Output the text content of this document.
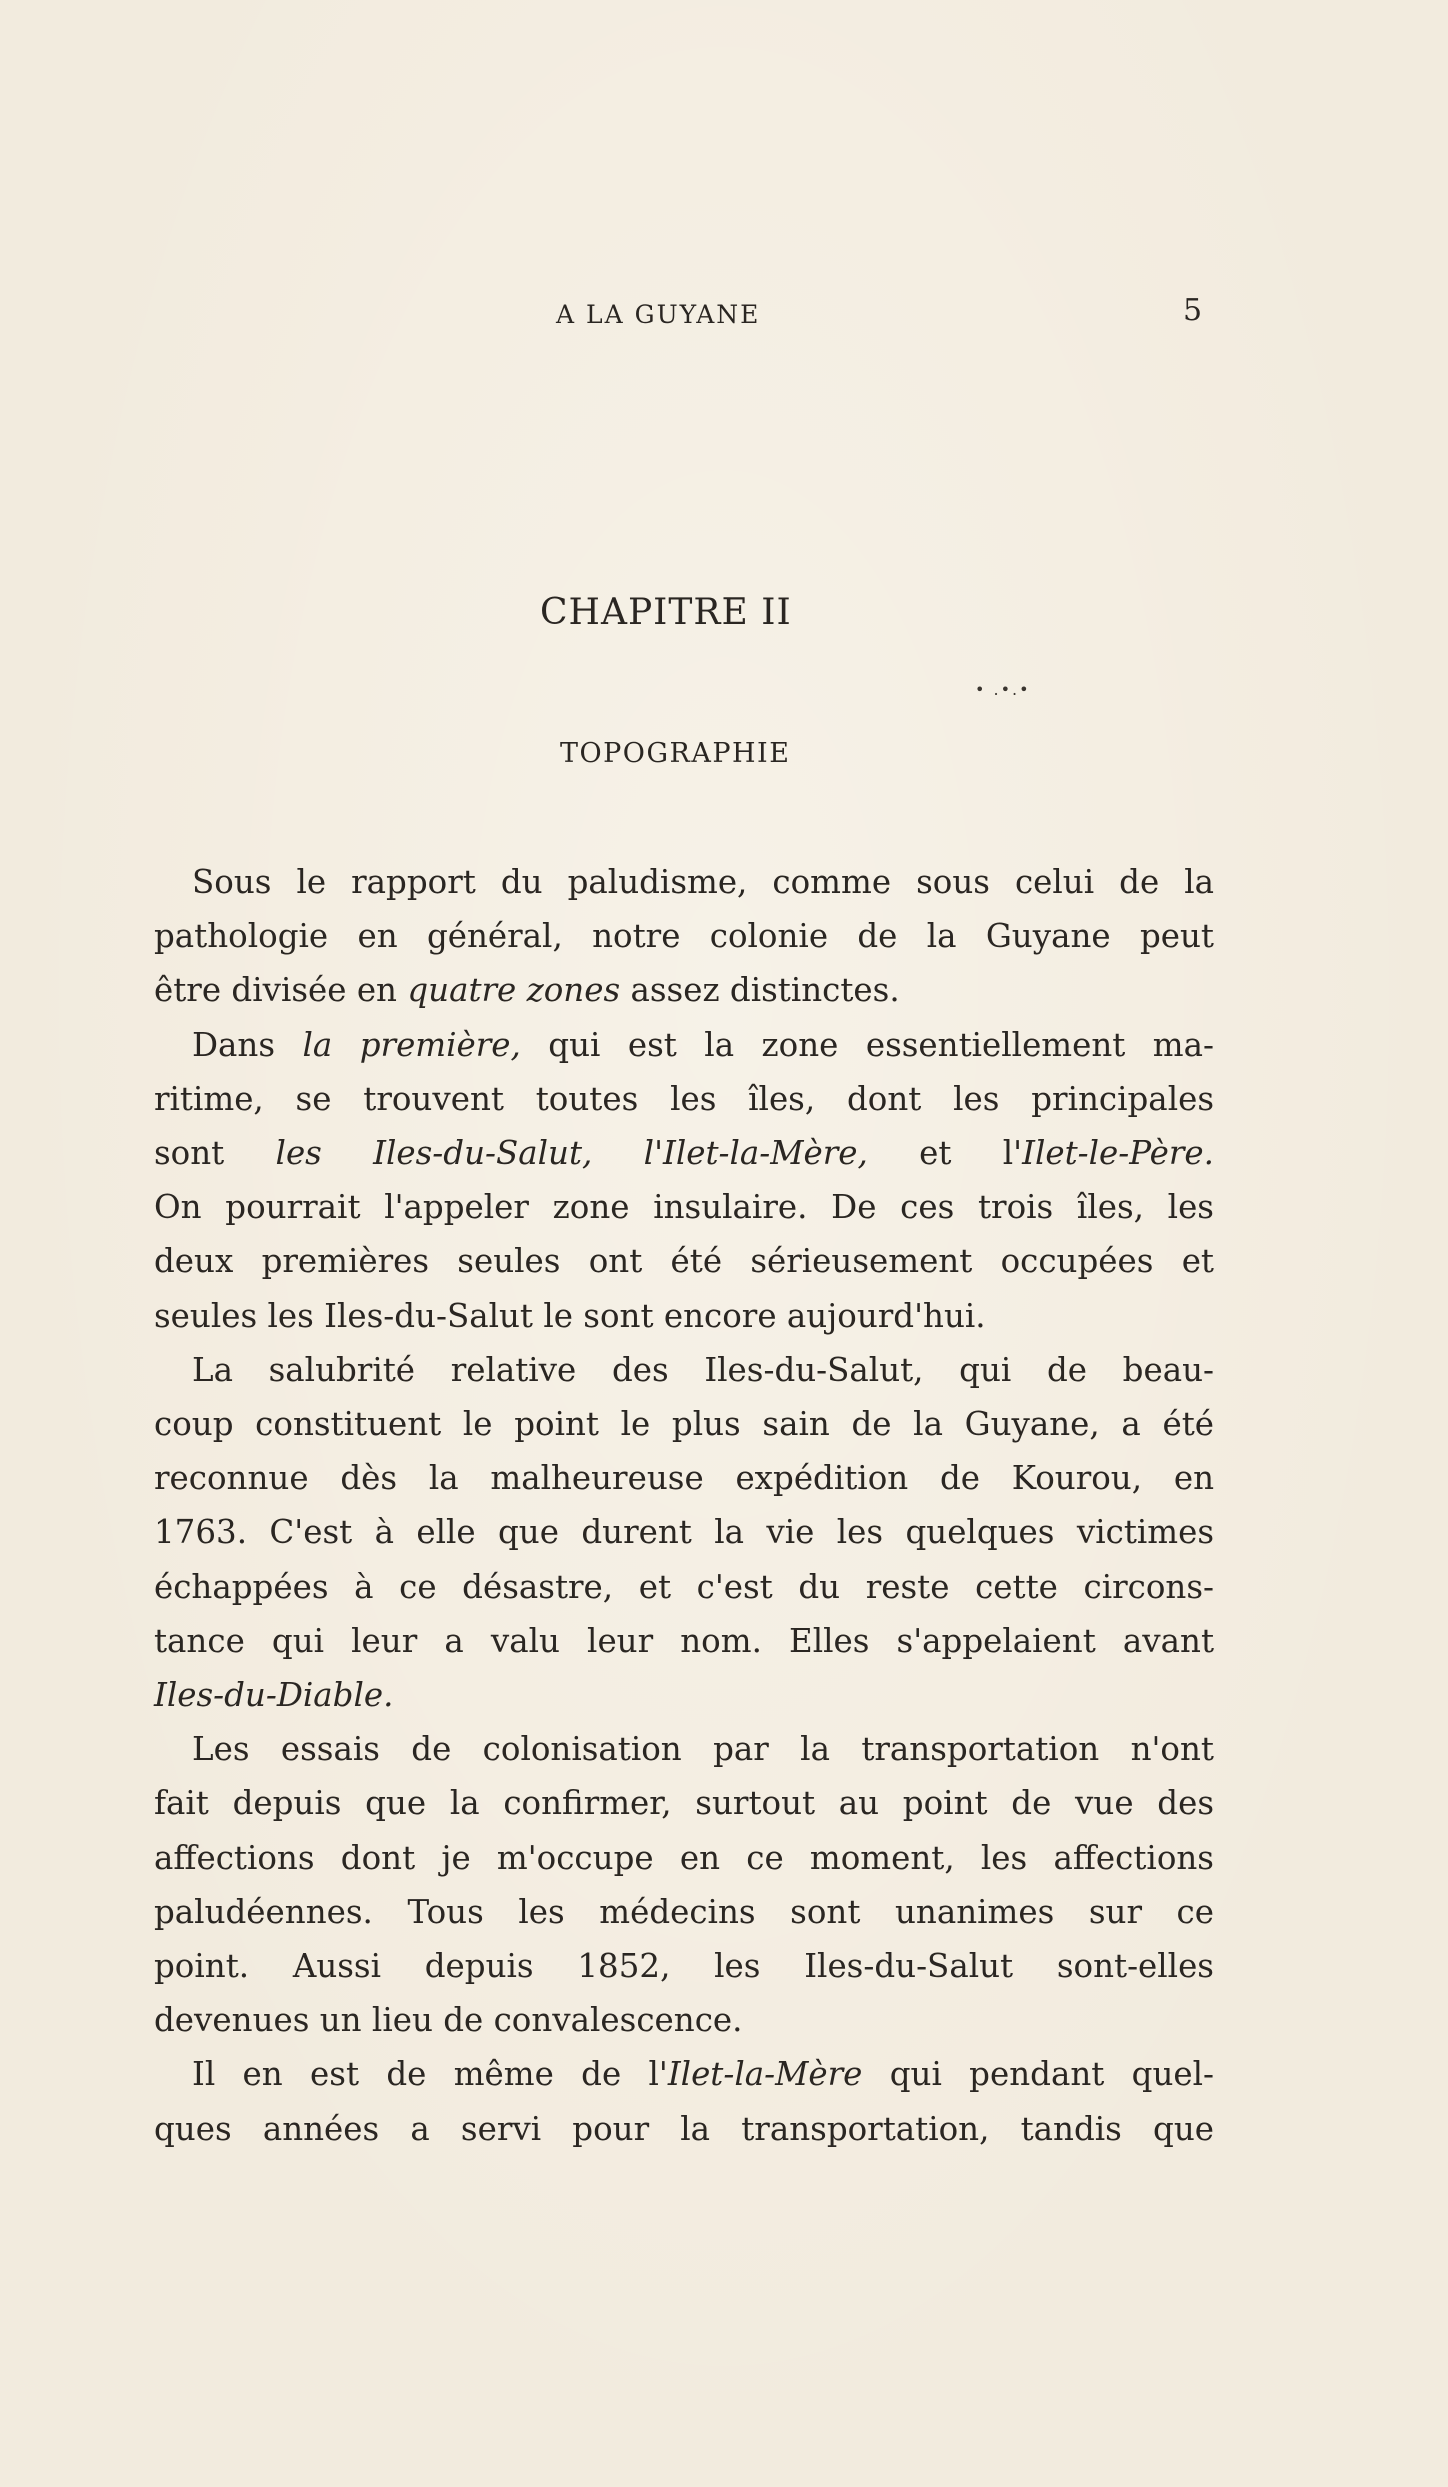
A LA GUYANE	5
CHAPITRE II
• .•.•
TOPOGRAPHIE
Sous le rapport du paludisme, comme sous celui de la
pathologie en général, notre colonie de la Guyane peut
être divisée en quatre zones assez distinctes.
Dans la première, qui est la zone essentiellement ma-
ritime, se trouvent toutes les îles, dont les principales
sont les Iles-du-Salut, l'Ilet-la-Mère, et l'Ilet-le-Père.
On pourrait l'appeler zone insulaire. De ces trois îles, les
deux premières seules ont été sérieusement occupées et
seules les Iles-du-Salut le sont encore aujourd'hui.
La salubrité relative des Iles-du-Salut, qui de beau-
coup constituent le point le plus sain de la Guyane, a été
reconnue dès la malheureuse expédition de Kourou, en
1763. C'est à elle que durent la vie les quelques victimes
échappées à ce désastre, et c'est du reste cette circons-
tance qui leur a valu leur nom. Elles s'appelaient avant
Iles-du-Diable.
Les essais de colonisation par la transportation n'ont
fait depuis que la confirmer, surtout au point de vue des
affections dont je m'occupe en ce moment, les affections
paludéennes. Tous les médecins sont unanimes sur ce
point. Aussi depuis 1852, les Iles-du-Salut sont-elles
devenues un lieu de convalescence.
Il en est de même de l'Ilet-la-Mère qui pendant quel-
ques années a servi pour la transportation, tandis que
